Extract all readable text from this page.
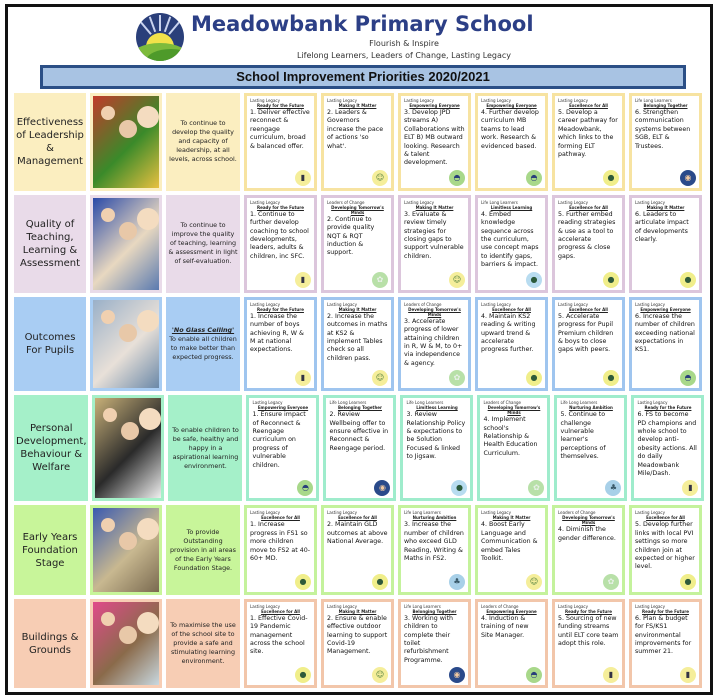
Meadowbank Primary School
Flourish & Inspire
Lifelong Learners, Leaders of Change, Lasting Legacy
School Improvement Priorities 2020/2021
Effectiveness of Leadership & Management
To continue to develop the quality and capacity of leadership, at all levels, across school.
Lasting Legacy
Ready for the Future
1. Deliver effective reconnect & reengage curriculum, broad & balanced offer.
▮
Lasting Legacy
Making It Matter
2. Leaders & Governors increase the pace of actions 'so what'.
☺
Lasting Legacy
Empowering Everyone
3. Develop JPD streams A) Collaborations with ELT B) MB outward looking. Research & talent development.
◓
Lasting Legacy
Empowering Everyone
4. Further develop curriculum MB teams to lead work. Research & evidenced based.
◓
Lasting Legacy
Excellence for All
5. Develop a career pathway for Meadowbank, which links to the forming ELT pathway.
●
Life Long Learners
Belonging Together
6. Strengthen communication systems between SGB, ELT & Trustees.
◉
Quality of Teaching, Learning & Assessment
To continue to improve the quality of teaching, learning & assessment in light of self-evaluation.
Lasting Legacy
Ready for the Future
1. Continue to further develop coaching to school developments, leaders, adults & children, inc SFC.
▮
Leaders of Change
Developing Tomorrow's Minds
2. Continue to provide quality NQT & RQT induction & support.
✿
Lasting Legacy
Making It Matter
3. Evaluate & review timely strategies for closing gaps to support vulnerable children.
☺
Life Long Learners
Limitless Learning
4. Embed knowledge sequence across the curriculum, use concept maps to identify gaps, barriers & impact.
●
Lasting Legacy
Excellence for All
5. Further embed reading strategies & use as a tool to accelerate progress & close gaps.
●
Lasting Legacy
Making It Matter
6. Leaders to articulate impact of developments clearly.
●
Outcomes For Pupils
'No Glass Ceiling'
To enable all children to make better than expected progress.
Lasting Legacy
Ready for the Future
1. Increase the number of boys achieving R, W & M at national expectations.
▮
Lasting Legacy
Making It Matter
2. Increase the outcomes in maths at KS2 & implement Tables check so all children pass.
☺
Leaders of Change
Developing Tomorrow's Minds
3. Accelerate progress of lower attaining children in R, W & M, to 0+ via independence & agency.
✿
Lasting Legacy
Excellence for All
4. Maintain KS2 reading & writing upward trend & accelerate progress further.
●
Lasting Legacy
Excellence for All
5. Accelerate progress for Pupil Premium children & boys to close gaps with peers.
●
Lasting Legacy
Empowering Everyone
6. Increase the number of children exceeding national expectations in KS1.
◓
Personal Development, Behaviour & Welfare
To enable children to be safe, healthy and happy in a aspirational learning environment.
Lasting Legacy
Empowering Everyone
1. Ensure impact of Reconnect & Reengage curriculum on progress of vulnerable children.
◓
Life Long Learners
Belonging Together
2. Review Wellbeing offer to ensure effective in Reconnect & Reengage period.
◉
Life Long Learners
Limitless Learning
3. Review Relationship Policy & expectations to be Solution Focused & linked to Jigsaw.
●
Leaders of Change
Developing Tomorrow's Minds
4. Implement school's Relationship & Health Education Curriculum.
✿
Life Long Learners
Nurturing Ambition
5. Continue to challenge vulnerable learner's perceptions of themselves.
♣
Lasting Legacy
Ready for the Future
6. FS to become PD champions and whole school to develop anti-obesity actions. All do daily Meadowbank Mile/Dash.
▮
Early Years Foundation Stage
To provide Outstanding provision in all areas of the Early Years Foundation Stage.
Lasting Legacy
Excellence for All
1. Increase progress in FS1 so more children move to FS2 at 40-60+ MD.
●
Lasting Legacy
Excellence for All
2. Maintain GLD outcomes at above National Average.
●
Life Long Learners
Nurturing Ambition
3. Increase the number of children who exceed GLD Reading, Writing & Maths in FS2.
♣
Lasting Legacy
Making It Matter
4. Boost Early Language and Communication & embed Tales Toolkit.
☺
Leaders of Change
Developing Tomorrow's Minds
4. Diminish the gender difference.
✿
Lasting Legacy
Excellence for All
5. Develop further links with local PVI settings so more children join at expected or higher level.
●
Buildings & Grounds
To maximise the use of the school site to provide a safe and stimulating learning environment.
Lasting Legacy
Excellence for All
1. Effective Covid-19 Pandemic management across the school site.
●
Lasting Legacy
Making It Matter
2. Ensure & enable effective outdoor learning to support Covid-19 Management.
☺
Life Long Learners
Belonging Together
3. Working with children to complete their toilet refurbishment Programme.
◉
Leaders of Change
Empowering Everyone
4. Induction & training of new Site Manager.
◓
Lasting Legacy
Ready for the Future
5. Sourcing of new funding streams until ELT core team adopt this role.
▮
Lasting Legacy
Ready for the Future
6. Plan & budget for FS/KS1 environmental improvements for summer 21.
▮
